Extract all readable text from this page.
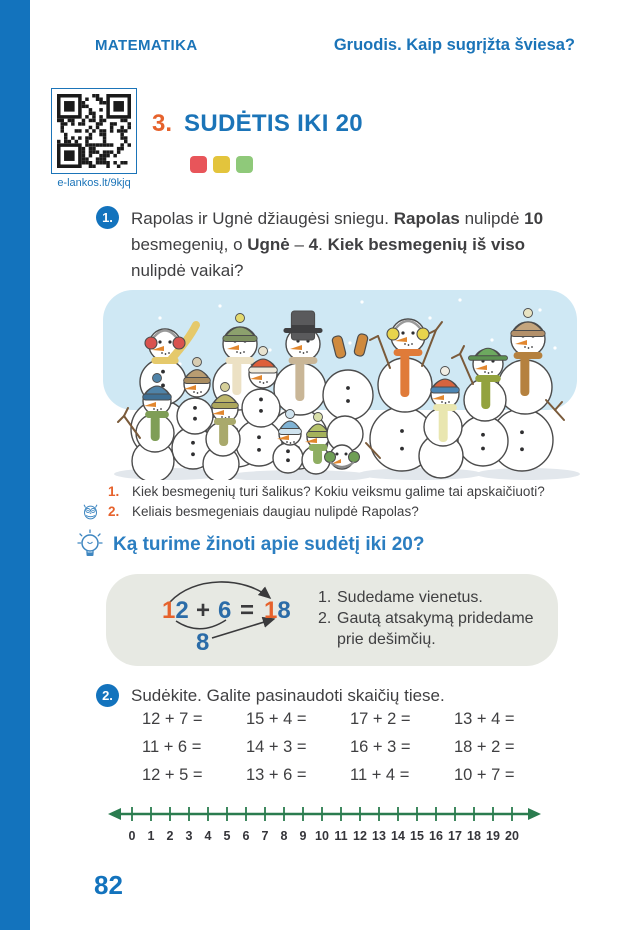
MATEMATIKA	Gruodis. Kaip sugrįžta šviesa?
e-lankos.lt/9kjq
3. SUDĖTIS IKI 20
1.	Rapolas ir Ugnė džiaugėsi sniegu. Rapolas nulipdė 10 besmegenių, o Ugnė – 4. Kiek besmegenių iš viso nulipdė vaikai?

1. Kiek besmegenių turi šalikus? Kokiu veiksmu galime tai apskaičiuoti?
2. Keliais besmegeniais daugiau nulipdė Rapolas?
Ką turime žinoti apie sudėtį iki 20?
12 + 6 = 18
8
1. Sudedame vienetus.
2. Gautą atsakymą pridedame prie dešimčių.
2.	Sudėkite. Galite pasinaudoti skaičių tiese.
12 + 7 =	15 + 4 =	17 + 2 =	13 + 4 =
11 + 6 =	14 + 3 =	16 + 3 =	18 + 2 =
12 + 5 =	13 + 6 =	11 + 4 =	10 + 7 =
0 1 2 3 4 5 6 7 8 9 10 11 12 13 14 15 16 17 18 19 20
82
